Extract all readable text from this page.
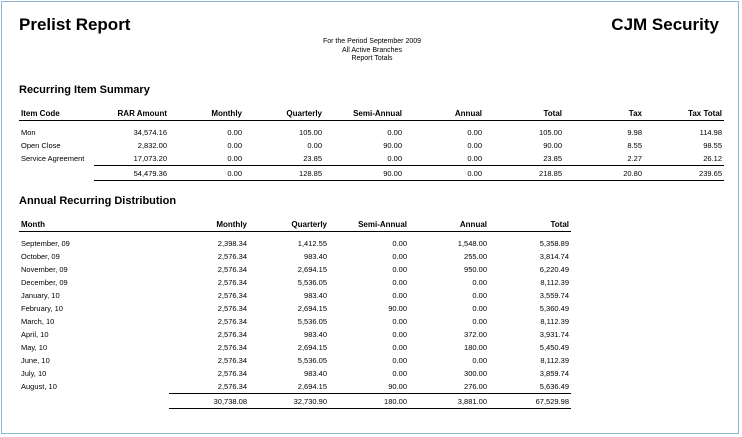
Prelist Report	CJM Security
For the Period September 2009
All Active Branches
Report Totals
Recurring Item Summary
Item Code	RAR Amount	Monthly	Quarterly	Semi-Annual	Annual	Total	Tax	Tax Total

Mon	34,574.16	0.00	105.00	0.00	0.00	105.00	9.98	114.98
Open Close	2,832.00	0.00	0.00	90.00	0.00	90.00	8.55	98.55
Service Agreement	17,073.20	0.00	23.85	0.00	0.00	23.85	2.27	26.12
	54,479.36	0.00	128.85	90.00	0.00	218.85	20.80	239.65
Annual Recurring Distribution
Month	Monthly	Quarterly	Semi-Annual	Annual	Total

September, 09	2,398.34	1,412.55	0.00	1,548.00	5,358.89
October, 09	2,576.34	983.40	0.00	255.00	3,814.74
November, 09	2,576.34	2,694.15	0.00	950.00	6,220.49
December, 09	2,576.34	5,536.05	0.00	0.00	8,112.39
January, 10	2,576.34	983.40	0.00	0.00	3,559.74
February, 10	2,576.34	2,694.15	90.00	0.00	5,360.49
March, 10	2,576.34	5,536.05	0.00	0.00	8,112.39
April, 10	2,576.34	983.40	0.00	372.00	3,931.74
May, 10	2,576.34	2,694.15	0.00	180.00	5,450.49
June, 10	2,576.34	5,536.05	0.00	0.00	8,112.39
July, 10	2,576.34	983.40	0.00	300.00	3,859.74
August, 10	2,576.34	2,694.15	90.00	276.00	5,636.49
	30,738.08	32,730.90	180.00	3,881.00	67,529.98
